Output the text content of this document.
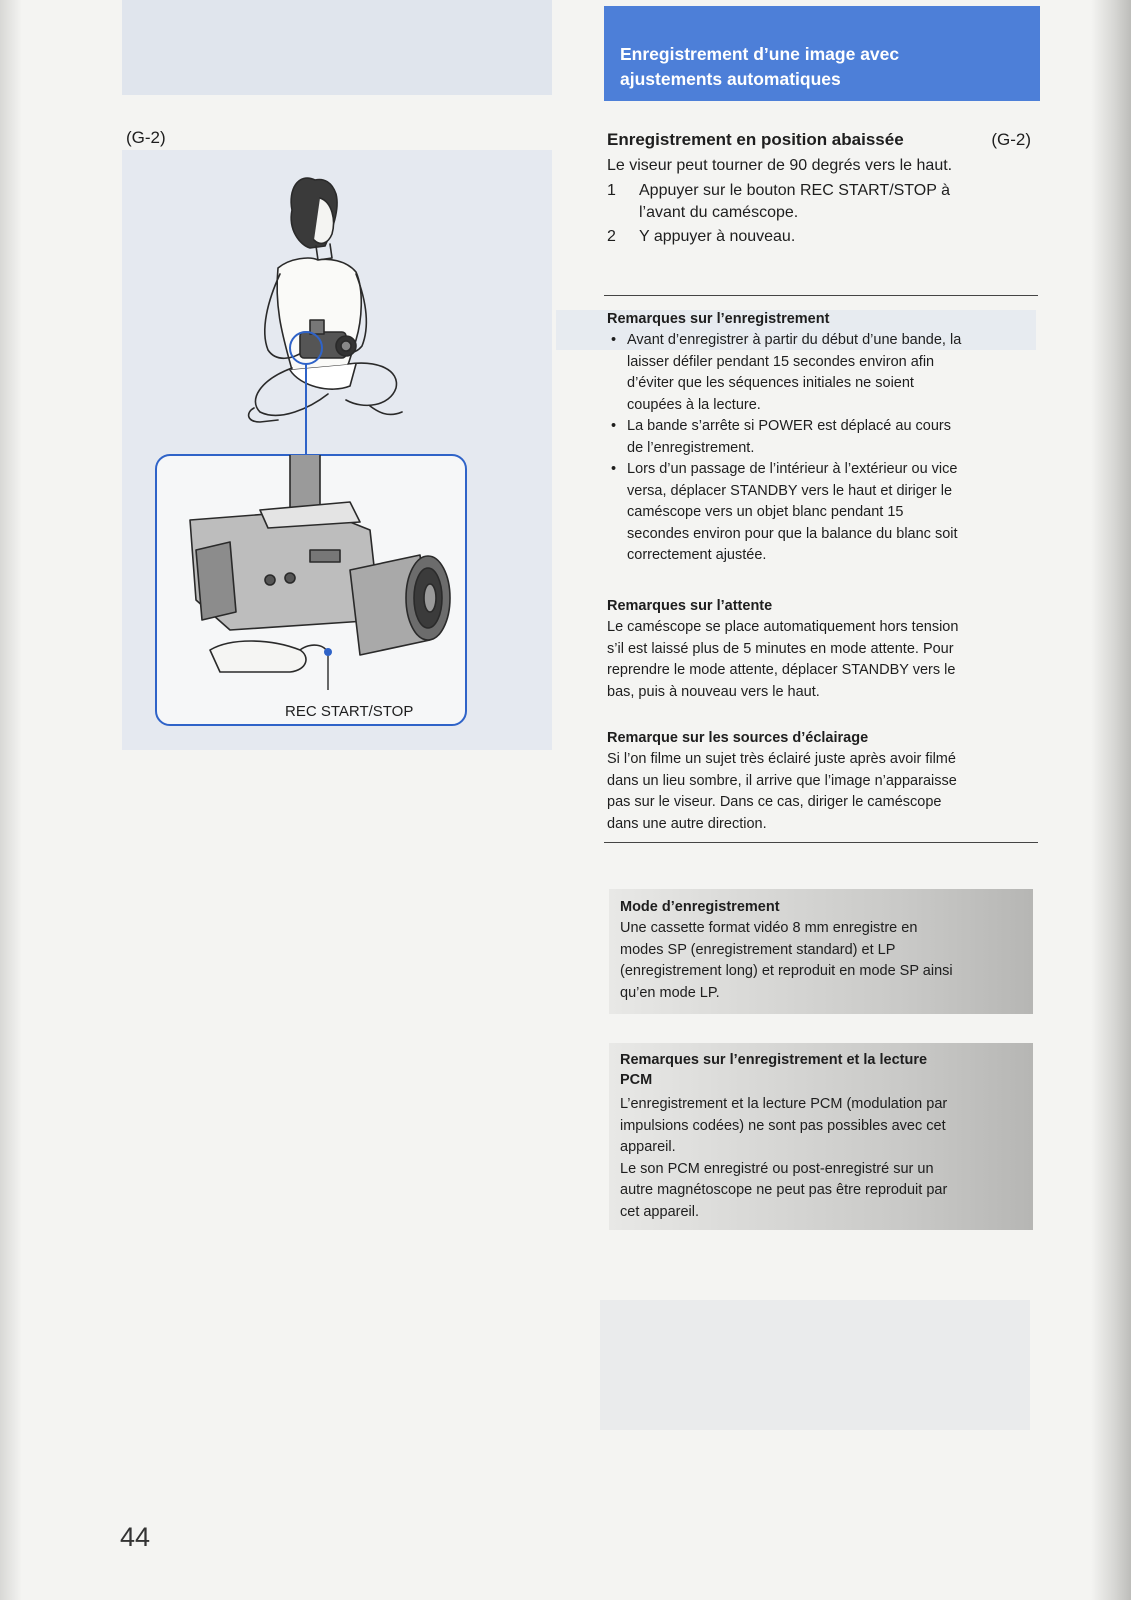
Enregistrement d’une image avec
ajustements automatiques
(G-2)
REC START/STOP
Enregistrement en position abaissée	(G-2)
Le viseur peut tourner de 90 degrés vers le haut.
1 Appuyer sur le bouton REC START/STOP à
l’avant du caméscope.
2 Y appuyer à nouveau.
Remarques sur l’enregistrement
• Avant d’enregistrer à partir du début d’une bande, la
laisser défiler pendant 15 secondes environ afin
d’éviter que les séquences initiales ne soient
coupées à la lecture.
• La bande s’arrête si POWER est déplacé au cours
de l’enregistrement.
• Lors d’un passage de l’intérieur à l’extérieur ou vice
versa, déplacer STANDBY vers le haut et diriger le
caméscope vers un objet blanc pendant 15
secondes environ pour que la balance du blanc soit
correctement ajustée.
Remarques sur l’attente
Le caméscope se place automatiquement hors tension
s’il est laissé plus de 5 minutes en mode attente. Pour
reprendre le mode attente, déplacer STANDBY vers le
bas, puis à nouveau vers le haut.
Remarque sur les sources d’éclairage
Si l’on filme un sujet très éclairé juste après avoir filmé
dans un lieu sombre, il arrive que l’image n’apparaisse
pas sur le viseur. Dans ce cas, diriger le caméscope
dans une autre direction.
Mode d’enregistrement
Une cassette format vidéo 8 mm enregistre en
modes SP (enregistrement standard) et LP
(enregistrement long) et reproduit en mode SP ainsi
qu’en mode LP.
Remarques sur l’enregistrement et la lecture
PCM
L’enregistrement et la lecture PCM (modulation par
impulsions codées) ne sont pas possibles avec cet
appareil.
Le son PCM enregistré ou post-enregistré sur un
autre magnétoscope ne peut pas être reproduit par
cet appareil.
44
